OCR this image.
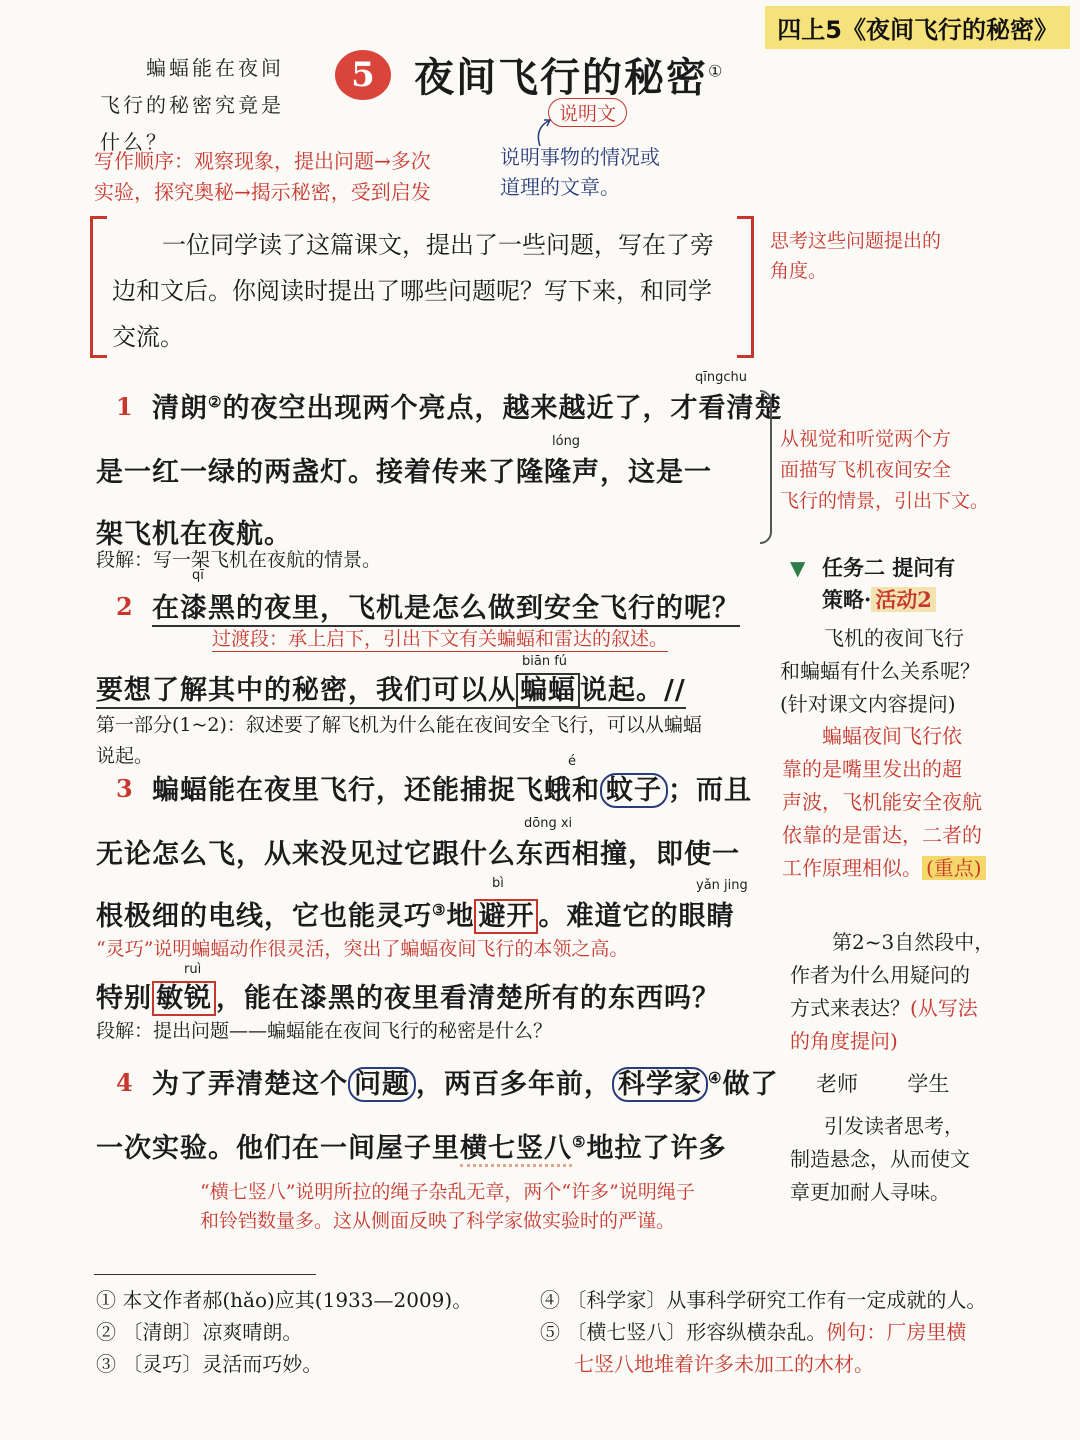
四上5《夜间飞行的秘密》
蝙蝠能在夜间
飞行的秘密究竟是
什么？
写作顺序：观察现象，提出问题→多次
实验，探究奥秘→揭示秘密，受到启发
5 夜间飞行的秘密①
说明文
说明事物的情况或
道理的文章。
一位同学读了这篇课文，提出了一些问题，写在了旁
边和文后。你阅读时提出了哪些问题呢？写下来，和同学
交流。
思考这些问题提出的
角度。
1
qīngchu
清朗②的夜空出现两个亮点，越来越近了，才看清楚
lóng
是一红一绿的两盏灯。接着传来了隆隆声，这是一
架飞机在夜航。
段解：写一架飞机在夜航的情景。
从视觉和听觉两个方
面描写飞机夜间安全
飞行的情景，引出下文。
2
qī
在漆黑的夜里，飞机是怎么做到安全飞行的呢？
过渡段：承上启下，引出下文有关蝙蝠和雷达的叙述。
biān fú
要想了解其中的秘密，我们可以从 蝙蝠 说起。//
第一部分(1~2)：叙述要了解飞机为什么能在夜间安全飞行，可以从蝙蝠
说起。
▼ 任务二 提问有
策略· 活动2
飞机的夜间飞行
和蝙蝠有什么关系呢？
(针对课文内容提问)
蝙蝠夜间飞行依
靠的是嘴里发出的超
声波，飞机能安全夜航
依靠的是雷达，二者的
工作原理相似。 (重点)
3
é
蝙蝠能在夜里飞行，还能捕捉飞蛾和 蚊子 ；而且
dōng xi
无论怎么飞，从来没见过它跟什么东西相撞，即使一
bì	yǎn jing
根极细的电线，它也能灵巧③地 避开 。难道它的眼睛
“灵巧”说明蝙蝠动作很灵活，突出了蝙蝠夜间飞行的本领之高。
ruì
特别 敏锐 ，能在漆黑的夜里看清楚所有的东西吗？
段解：提出问题——蝙蝠能在夜间飞行的秘密是什么？
第2~3自然段中，
作者为什么用疑问的
方式来表达？(从写法
的角度提问)
老师 学生
引发读者思考，
制造悬念，从而使文
章更加耐人寻味。
4 为了弄清楚这个 问题 ，两百多年前， 科学家 ④做了
一次实验。他们在一间屋子里横七竖八⑤地拉了许多
“横七竖八”说明所拉的绳子杂乱无章，两个“许多”说明绳子
和铃铛数量多。这从侧面反映了科学家做实验时的严谨。
① 本文作者郝(hǎo)应其(1933—2009)。
② 〔清朗〕凉爽晴朗。
③ 〔灵巧〕灵活而巧妙。
④ 〔科学家〕从事科学研究工作有一定成就的人。
⑤ 〔横七竖八〕形容纵横杂乱。例句：厂房里横
七竖八地堆着许多未加工的木材。
